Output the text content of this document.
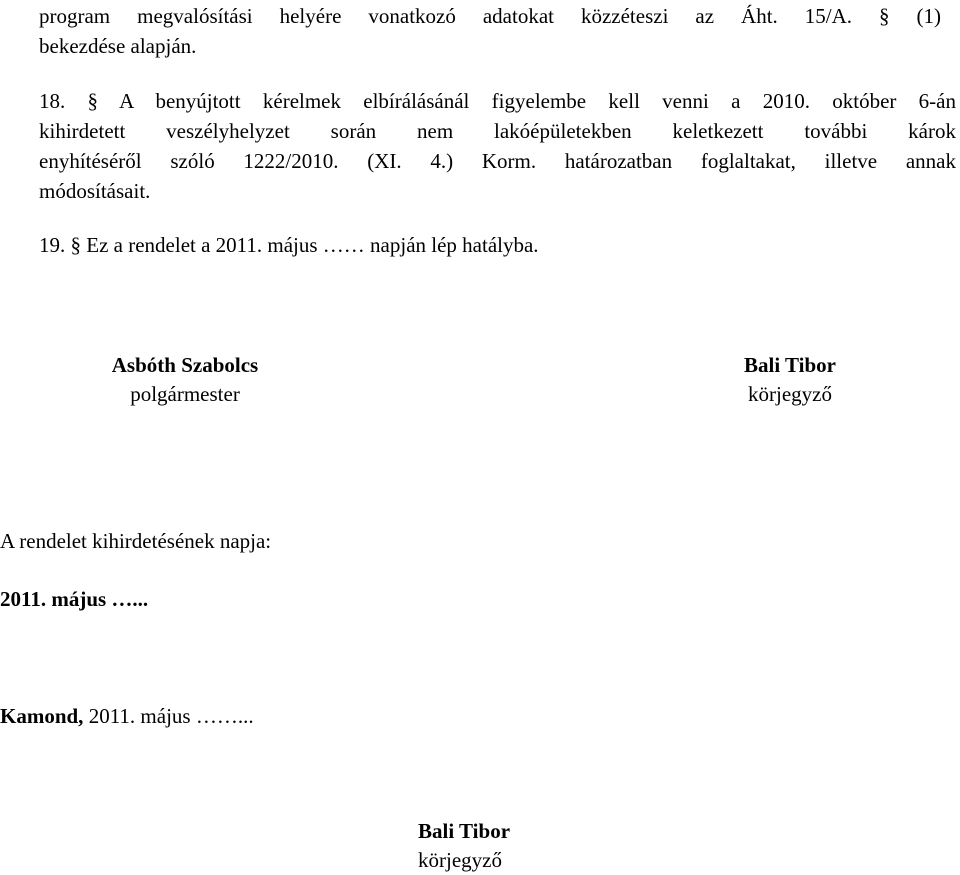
program megvalósítási helyére vonatkozó adatokat közzéteszi az Áht. 15/A. § (1)
bekezdése alapján.
18. § A benyújtott kérelmek elbírálásánál figyelembe kell venni a 2010. október 6-án
kihirdetett veszélyhelyzet során nem lakóépületekben keletkezett további károk
enyhítéséről szóló 1222/2010. (XI. 4.) Korm. határozatban foglaltakat, illetve annak
módosításait.
19. § Ez a rendelet a 2011. május …… napján lép hatályba.
Asbóth Szabolcs
polgármester
Bali Tibor
körjegyző
A rendelet kihirdetésének napja:
2011. május …...
Kamond, 2011. május ……...
Bali Tibor
körjegyző
